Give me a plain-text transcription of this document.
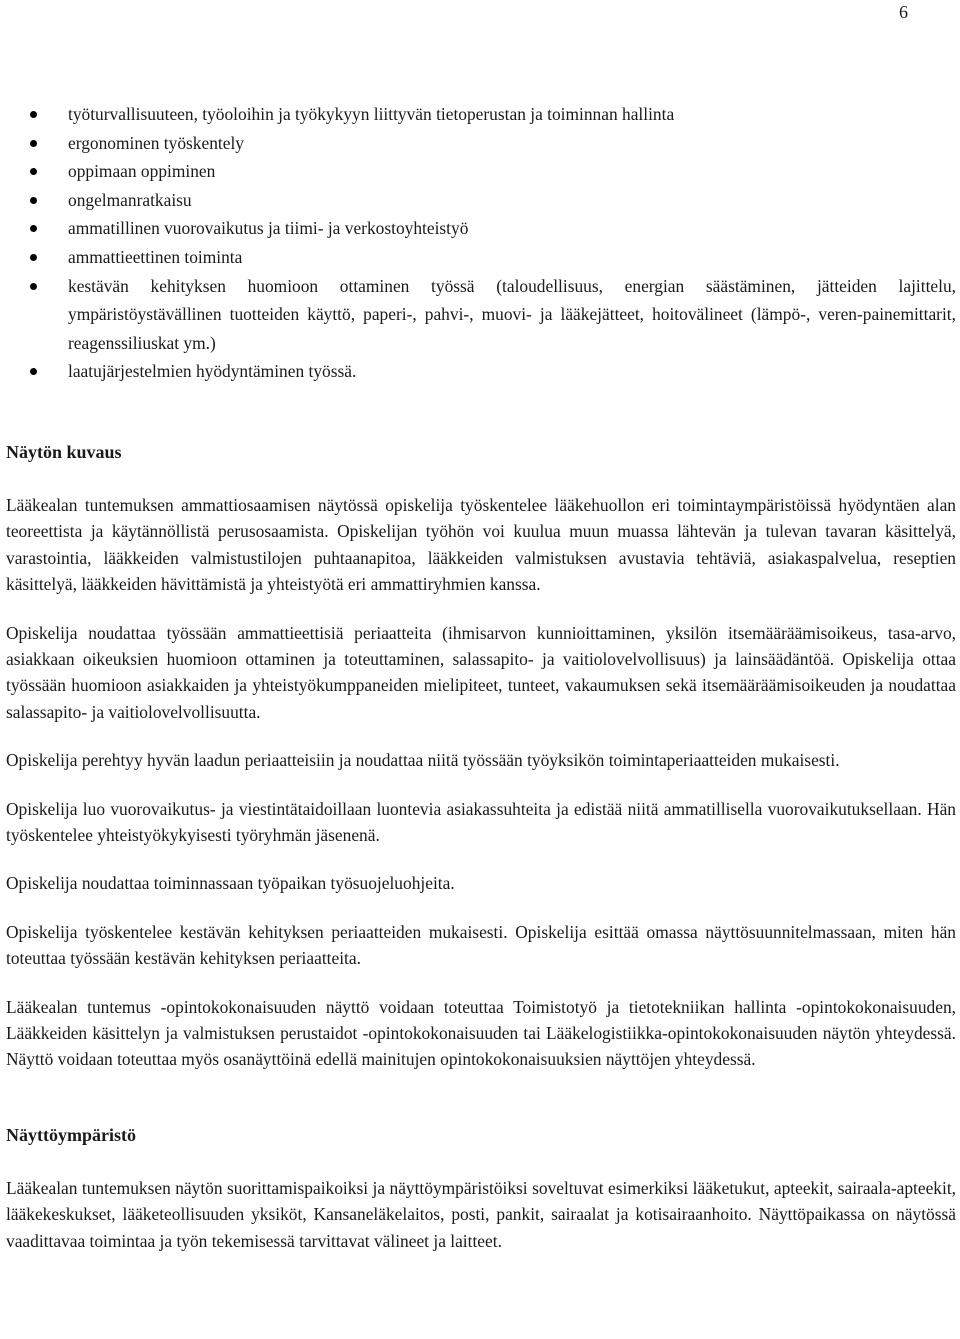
6
työturvallisuuteen, työoloihin ja työkykyyn liittyvän tietoperustan ja toiminnan hallinta
ergonominen työskentely
oppimaan oppiminen
ongelmanratkaisu
ammatillinen vuorovaikutus ja tiimi- ja verkostoyhteistyö
ammattieettinen toiminta
kestävän kehityksen huomioon ottaminen työssä (taloudellisuus, energian säästäminen, jätteiden lajittelu, ympäristöystävällinen tuotteiden käyttö, paperi-, pahvi-, muovi- ja lääkejätteet, hoitovälineet (lämpö-, veren-painemittarit, reagenssiliuskat ym.)
laatujärjestelmien hyödyntäminen työssä.
Näytön kuvaus

Lääkealan tuntemuksen ammattiosaamisen näytössä opiskelija työskentelee lääkehuollon eri toimintaympäristöissä hyödyntäen alan teoreettista ja käytännöllistä perusosaamista. Opiskelijan työhön voi kuulua muun muassa lähtevän ja tulevan tavaran käsittelyä, varastointia, lääkkeiden valmistustilojen puhtaanapitoa, lääkkeiden valmistuksen avustavia tehtäviä, asiakaspalvelua, reseptien käsittelyä, lääkkeiden hävittämistä ja yhteistyötä eri ammattiryhmien kanssa.

Opiskelija noudattaa työssään ammattieettisiä periaatteita (ihmisarvon kunnioittaminen, yksilön itsemääräämisoikeus, tasa-arvo, asiakkaan oikeuksien huomioon ottaminen ja toteuttaminen, salassapito- ja vaitiolovelvollisuus) ja lainsäädäntöä. Opiskelija ottaa työssään huomioon asiakkaiden ja yhteistyökumppaneiden mielipiteet, tunteet, vakaumuksen sekä itsemääräämisoikeuden ja noudattaa salassapito- ja vaitiolovelvollisuutta.

Opiskelija perehtyy hyvän laadun periaatteisiin ja noudattaa niitä työssään työyksikön toimintaperiaatteiden mukaisesti.

Opiskelija luo vuorovaikutus- ja viestintätaidoillaan luontevia asiakassuhteita ja edistää niitä ammatillisella vuorovaikutuksellaan. Hän työskentelee yhteistyökykyisesti työryhmän jäsenenä.

Opiskelija noudattaa toiminnassaan työpaikan työsuojeluohjeita.

Opiskelija työskentelee kestävän kehityksen periaatteiden mukaisesti. Opiskelija esittää omassa näyttösuunnitelmassaan, miten hän toteuttaa työssään kestävän kehityksen periaatteita.

Lääkealan tuntemus -opintokokonaisuuden näyttö voidaan toteuttaa Toimistotyö ja tietotekniikan hallinta -opintokokonaisuuden, Lääkkeiden käsittelyn ja valmistuksen perustaidot -opintokokonaisuuden tai Lääkelogistiikka-opintokokonaisuuden näytön yhteydessä. Näyttö voidaan toteuttaa myös osanäyttöinä edellä mainitujen opintokokonaisuuksien näyttöjen yhteydessä.

Näyttöympäristö

Lääkealan tuntemuksen näytön suorittamispaikoiksi ja näyttöympäristöiksi soveltuvat esimerkiksi lääketukut, apteekit, sairaala-apteekit, lääkekeskukset, lääketeollisuuden yksiköt, Kansaneläkelaitos, posti, pankit, sairaalat ja kotisairaanhoito. Näyttöpaikassa on näytössä vaadittavaa toimintaa ja työn tekemisessä tarvittavat välineet ja laitteet.
